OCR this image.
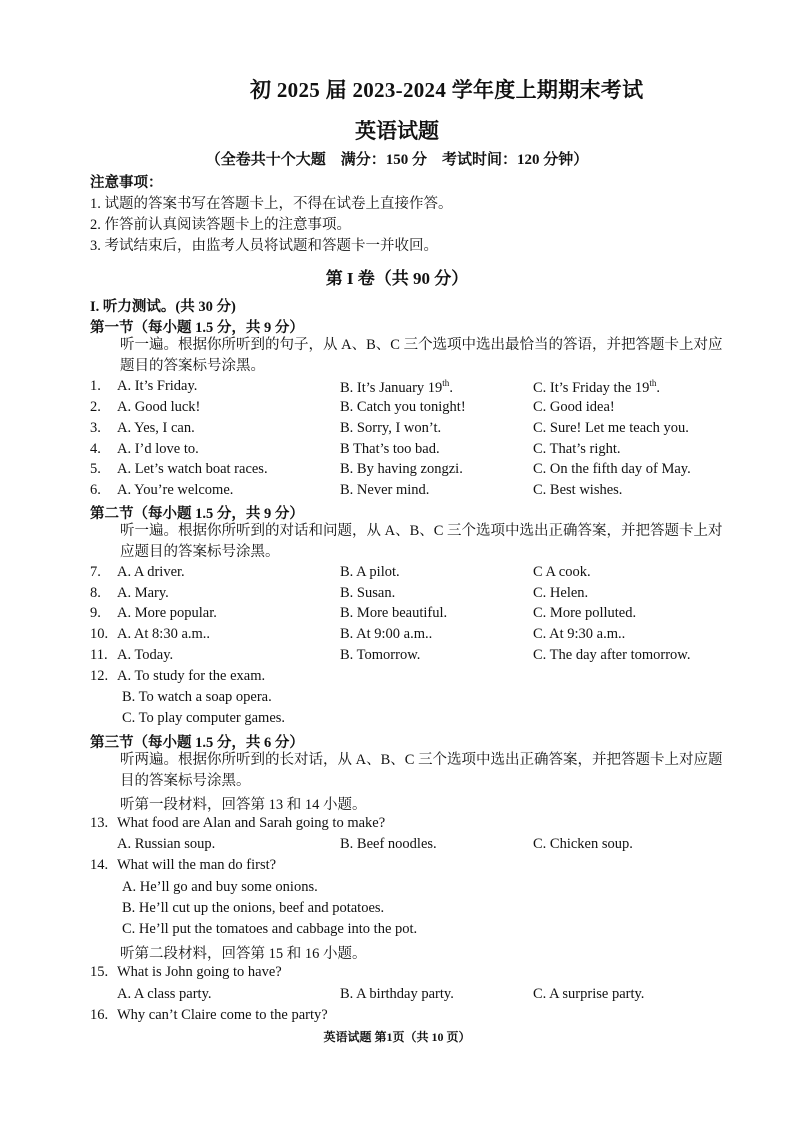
初 2025 届 2023-2024 学年度上期期末考试
英语试题
（全卷共十个大题　满分：150 分　考试时间：120 分钟）
注意事项：
1. 试题的答案书写在答题卡上，不得在试卷上直接作答。
2. 作答前认真阅读答题卡上的注意事项。
3. 考试结束后，由监考人员将试题和答题卡一并收回。
第 I 卷（共 90 分）
I. 听力测试。(共 30 分)
第一节（每小题 1.5 分，共 9 分）
听一遍。根据你所听到的句子，从 A、B、C 三个选项中选出最恰当的答语，并把答题卡上对应题目的答案标号涂黑。
1. A. It’s Friday.	B. It’s January 19th.	C. It’s Friday the 19th.
2. A. Good luck!	B. Catch you tonight!	C. Good idea!
3. A. Yes, I can.	B. Sorry, I won’t.	C. Sure! Let me teach you.
4. A. I’d love to.	B That’s too bad.	C. That’s right.
5. A. Let’s watch boat races.	B. By having zongzi.	C. On the fifth day of May.
6. A. You’re welcome.	B. Never mind.	C. Best wishes.
第二节（每小题 1.5 分，共 9 分）
听一遍。根据你所听到的对话和问题，从 A、B、C 三个选项中选出正确答案，并把答题卡上对应题目的答案标号涂黑。
7. A. A driver.	B. A pilot.	C A cook.
8. A. Mary.	B. Susan.	C. Helen.
9. A. More popular.	B. More beautiful.	C. More polluted.
10. A. At 8:30 a.m..	B. At 9:00 a.m..	C. At 9:30 a.m..
11. A. Today.	B. Tomorrow.	C. The day after tomorrow.
12. A. To study for the exam.
B. To watch a soap opera.
C. To play computer games.
第三节（每小题 1.5 分，共 6 分）
听两遍。根据你所听到的长对话，从 A、B、C 三个选项中选出正确答案，并把答题卡上对应题目的答案标号涂黑。
听第一段材料，回答第 13 和 14 小题。
13. What food are Alan and Sarah going to make?
A. Russian soup.	B. Beef noodles.	C. Chicken soup.
14. What will the man do first?
A. He’ll go and buy some onions.
B. He’ll cut up the onions, beef and potatoes.
C. He’ll put the tomatoes and cabbage into the pot.
听第二段材料，回答第 15 和 16 小题。
15. What is John going to have?
A. A class party.	B. A birthday party.	C. A surprise party.
16. Why can’t Claire come to the party?
英语试题 第1页（共 10 页）
